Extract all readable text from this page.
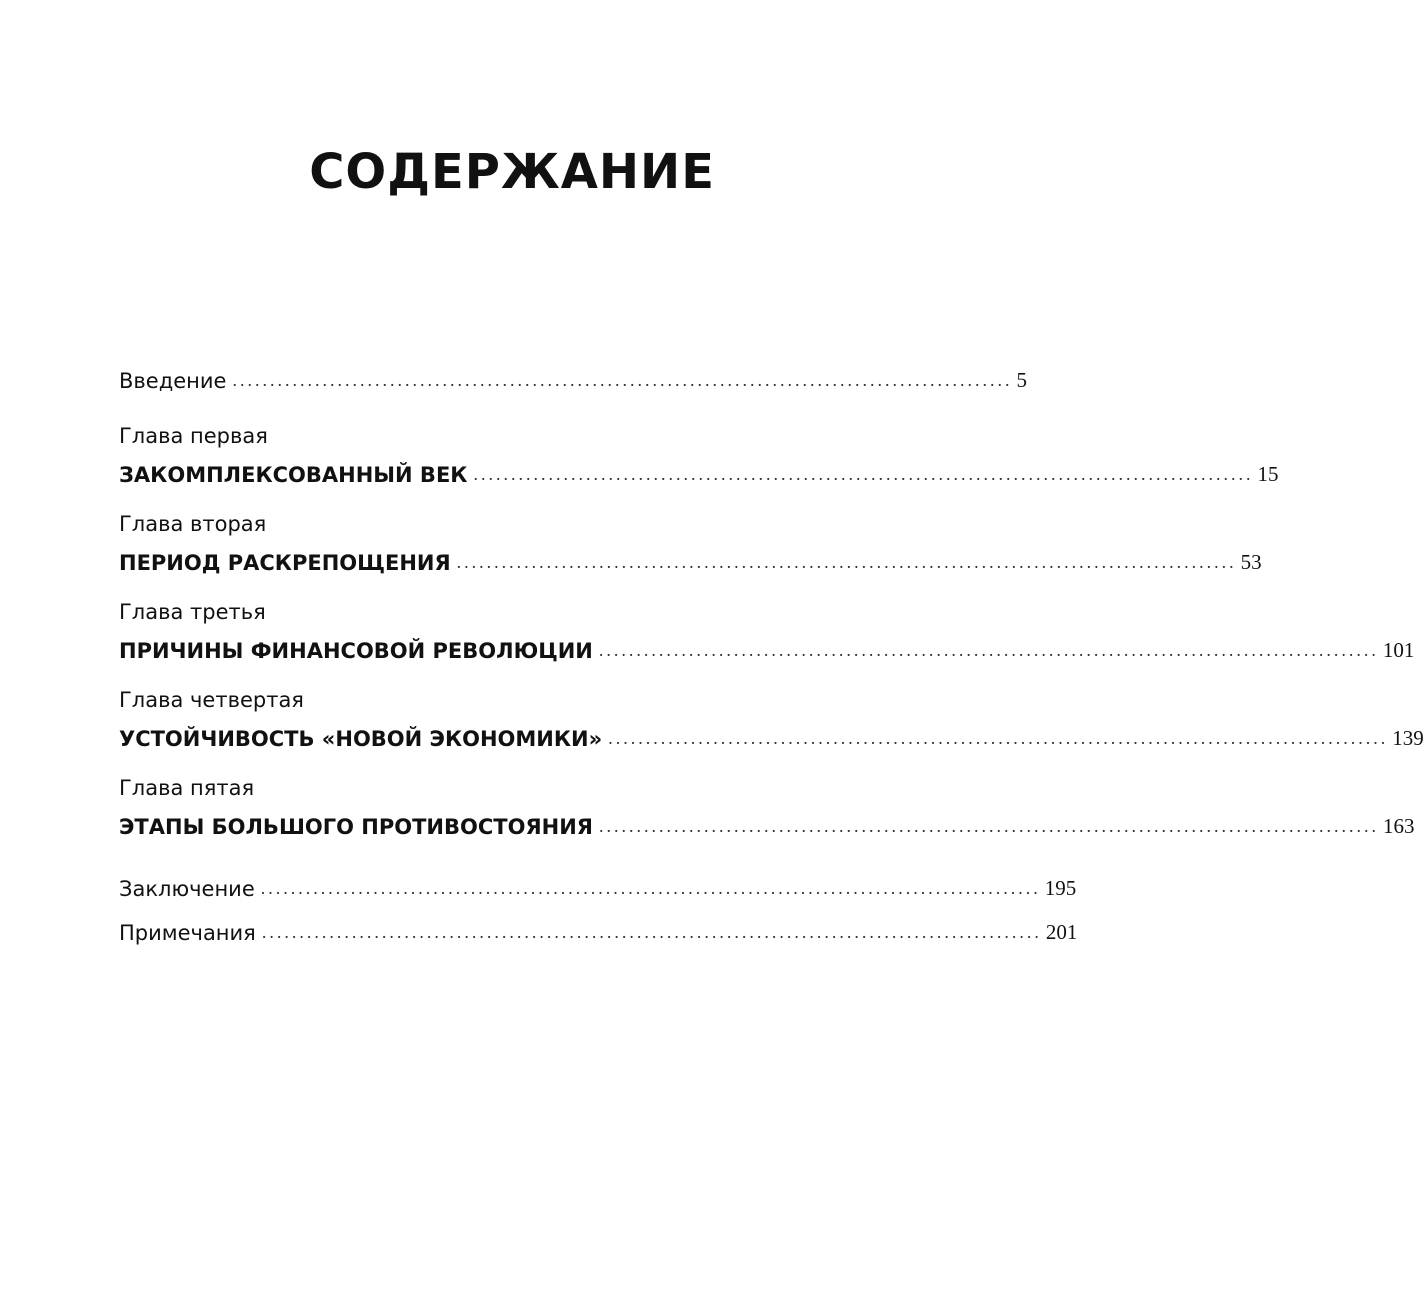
СОДЕРЖАНИЕ
Введение ........................................................................................................ 5
Глава первая
ЗАКОМПЛЕКСОВАННЫЙ ВЕК ........................................................................................................ 15
Глава вторая
ПЕРИОД РАСКРЕПОЩЕНИЯ ........................................................................................................ 53
Глава третья
ПРИЧИНЫ ФИНАНСОВОЙ РЕВОЛЮЦИИ ........................................................................................................ 101
Глава четвертая
УСТОЙЧИВОСТЬ «НОВОЙ ЭКОНОМИКИ» ........................................................................................................ 139
Глава пятая
ЭТАПЫ БОЛЬШОГО ПРОТИВОСТОЯНИЯ ........................................................................................................ 163
Заключение ........................................................................................................ 195
Примечания ........................................................................................................ 201
